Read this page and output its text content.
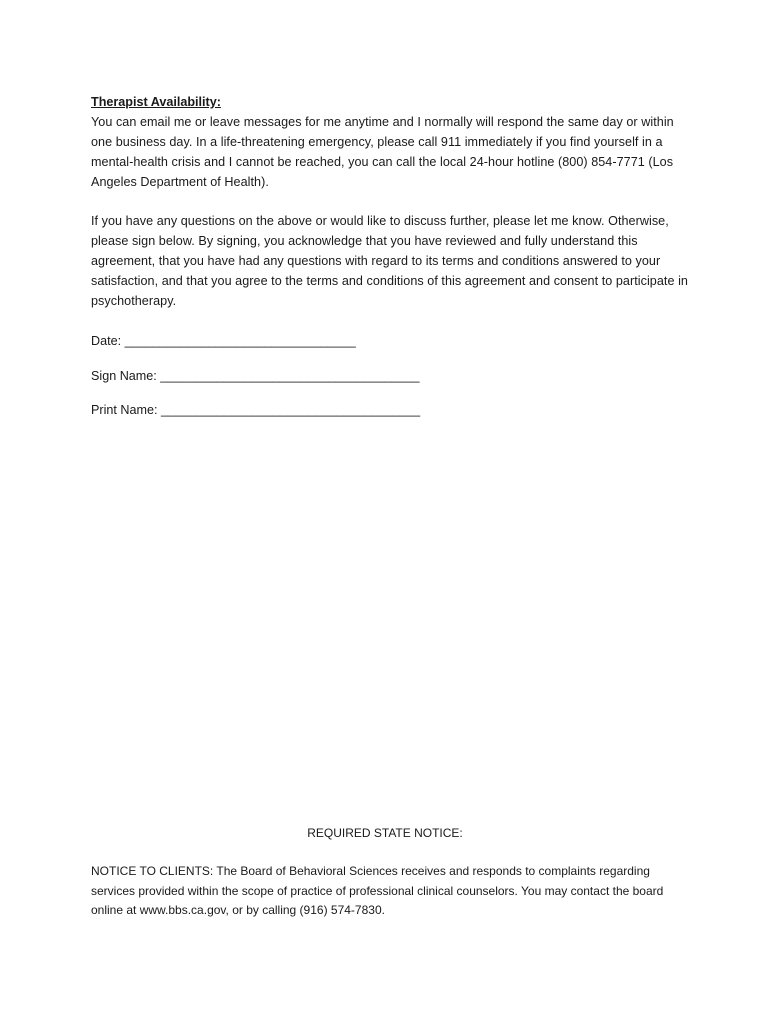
Therapist Availability:
You can email me or leave messages for me anytime and I normally will respond the same day or within one business day. In a life-threatening emergency, please call 911 immediately if you find yourself in a mental-health crisis and I cannot be reached, you can call the local 24-hour hotline (800) 854-7771 (Los Angeles Department of Health).
If you have any questions on the above or would like to discuss further, please let me know. Otherwise, please sign below. By signing, you acknowledge that you have reviewed and fully understand this agreement, that you have had any questions with regard to its terms and conditions answered to your satisfaction, and that you agree to the terms and conditions of this agreement and consent to participate in psychotherapy.
Date: _________________________________
Sign Name: _____________________________________
Print Name: _____________________________________
REQUIRED STATE NOTICE:
NOTICE TO CLIENTS: The Board of Behavioral Sciences receives and responds to complaints regarding services provided within the scope of practice of professional clinical counselors. You may contact the board online at www.bbs.ca.gov, or by calling (916) 574-7830.
